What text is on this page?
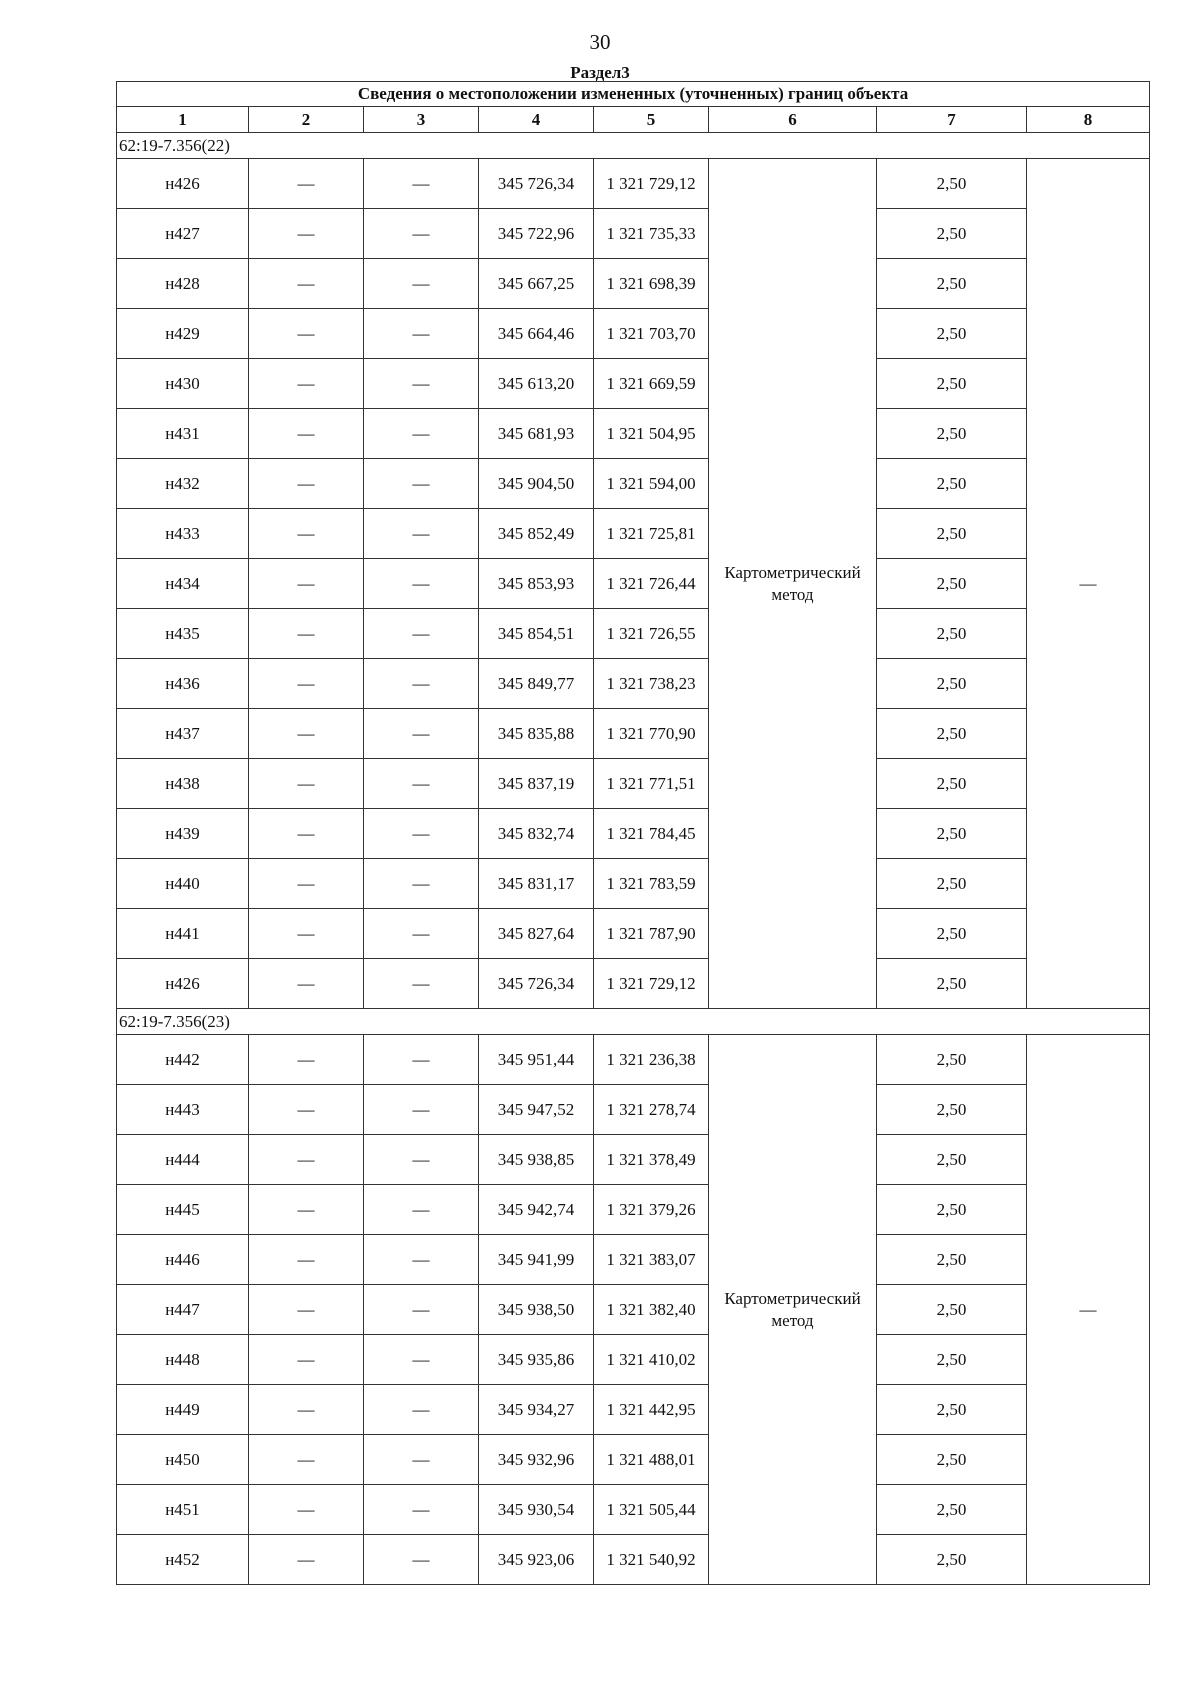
30
Раздел3
Сведения о местоположении измененных (уточненных) границ объекта							
1	2	3	4	5	6	7	8
62:19-7.356(22)							
н426	—	—	345 726,34	1 321 729,12	Картометрический метод	2,50	—
н427	—	—	345 722,96	1 321 735,33		2,50	
н428	—	—	345 667,25	1 321 698,39		2,50	
н429	—	—	345 664,46	1 321 703,70		2,50	
н430	—	—	345 613,20	1 321 669,59		2,50	
н431	—	—	345 681,93	1 321 504,95		2,50	
н432	—	—	345 904,50	1 321 594,00		2,50	
н433	—	—	345 852,49	1 321 725,81		2,50	
н434	—	—	345 853,93	1 321 726,44		2,50	
н435	—	—	345 854,51	1 321 726,55		2,50	
н436	—	—	345 849,77	1 321 738,23		2,50	
н437	—	—	345 835,88	1 321 770,90		2,50	
н438	—	—	345 837,19	1 321 771,51		2,50	
н439	—	—	345 832,74	1 321 784,45		2,50	
н440	—	—	345 831,17	1 321 783,59		2,50	
н441	—	—	345 827,64	1 321 787,90		2,50	
н426	—	—	345 726,34	1 321 729,12		2,50	
62:19-7.356(23)							
н442	—	—	345 951,44	1 321 236,38	Картометрический метод	2,50	—
н443	—	—	345 947,52	1 321 278,74		2,50	
н444	—	—	345 938,85	1 321 378,49		2,50	
н445	—	—	345 942,74	1 321 379,26		2,50	
н446	—	—	345 941,99	1 321 383,07		2,50	
н447	—	—	345 938,50	1 321 382,40		2,50	
н448	—	—	345 935,86	1 321 410,02		2,50	
н449	—	—	345 934,27	1 321 442,95		2,50	
н450	—	—	345 932,96	1 321 488,01		2,50	
н451	—	—	345 930,54	1 321 505,44		2,50	
н452	—	—	345 923,06	1 321 540,92		2,50	
